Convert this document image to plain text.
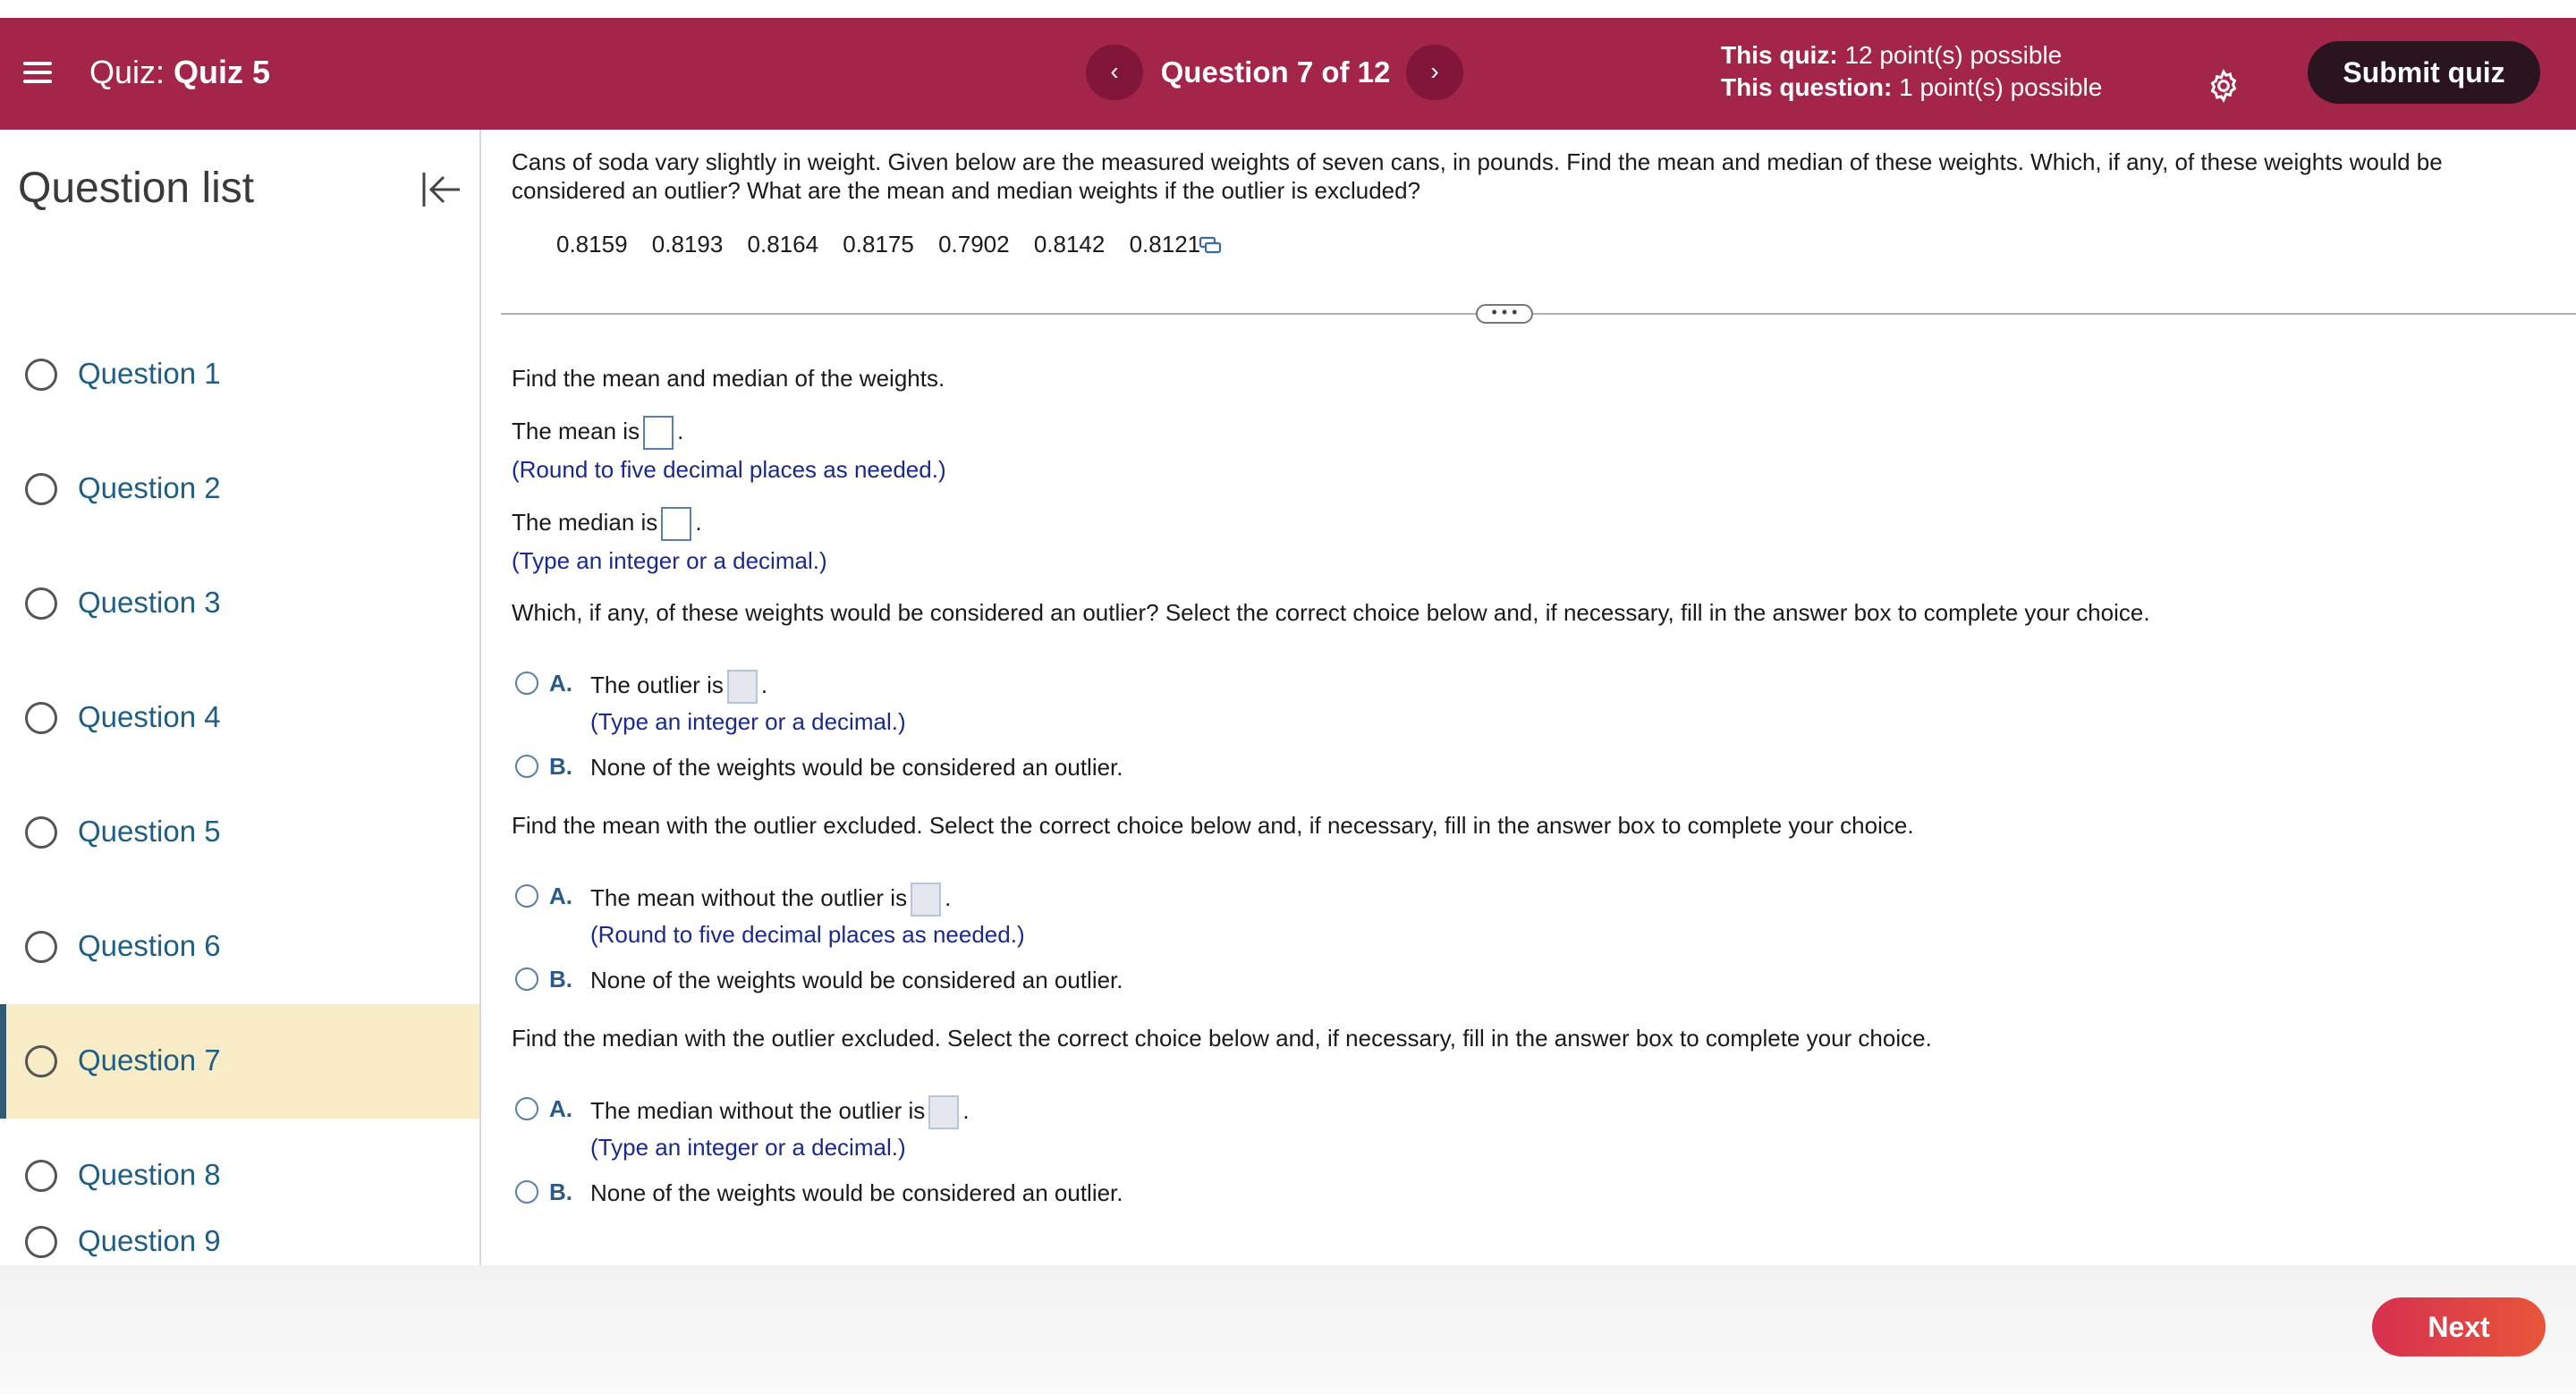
Quiz: Quiz 5	‹	Question 7 of 12	›
This quiz: 12 point(s) possible
This question: 1 point(s) possible	Submit quiz
Question list
Question 1
Question 2
Question 3
Question 4
Question 5
Question 6
Question 7
Question 8
Question 9
Cans of soda vary slightly in weight. Given below are the measured weights of seven cans, in pounds. Find the mean and median of these weights. Which, if any, of these weights would be
considered an outlier? What are the mean and median weights if the outlier is excluded?
0.8159 0.8193 0.8164 0.8175 0.7902 0.8142 0.8121
• • •
Find the mean and median of the weights.
The mean is .
(Round to five decimal places as needed.)
The median is .
(Type an integer or a decimal.)
Which, if any, of these weights would be considered an outlier? Select the correct choice below and, if necessary, fill in the answer box to complete your choice.
A. The outlier is .
(Type an integer or a decimal.)
B. None of the weights would be considered an outlier.
Find the mean with the outlier excluded. Select the correct choice below and, if necessary, fill in the answer box to complete your choice.
A. The mean without the outlier is .
(Round to five decimal places as needed.)
B. None of the weights would be considered an outlier.
Find the median with the outlier excluded. Select the correct choice below and, if necessary, fill in the answer box to complete your choice.
A. The median without the outlier is .
(Type an integer or a decimal.)
B. None of the weights would be considered an outlier.
Next
